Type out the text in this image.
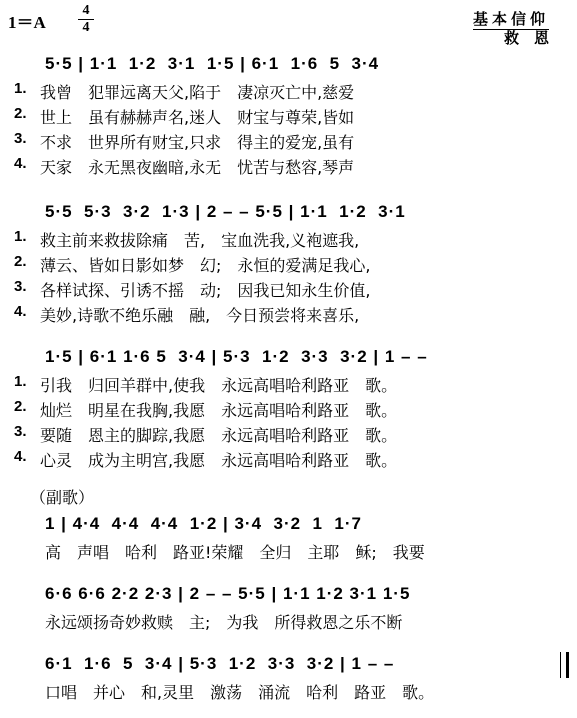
1＝A
4
4	基本信仰
救　恩
5·5 | 1·1  1·2  3·1  1·5 | 6·1  1·6  5  3·4
1. 我曾　犯罪远离天父,陷于　凄凉灭亡中,慈爱
2. 世上　虽有赫赫声名,迷人　财宝与尊荣,皆如
3. 不求　世界所有财宝,只求　得主的爱宠,虽有
4. 天家　永无黑夜幽暗,永无　忧苦与愁容,琴声
5·5  5·3  3·2  1·3 | 2 – – 5·5 | 1·1  1·2  3·1
1. 救主前来救拔除痛　苦,　宝血洗我,义袍遮我,
2. 薄云、皆如日影如梦　幻;　永恒的爱满足我心,
3. 各样试探、引诱不摇　动;　因我已知永生价值,
4. 美妙,诗歌不绝乐融　融,　今日预尝将来喜乐,
1·5 | 6·1 1·6 5  3·4 | 5·3  1·2  3·3  3·2 | 1 – –
1. 引我　归回羊群中,使我　永远高唱哈利路亚　歌。
2. 灿烂　明星在我胸,我愿　永远高唱哈利路亚　歌。
3. 要随　恩主的脚踪,我愿　永远高唱哈利路亚　歌。
4. 心灵　成为主明宫,我愿　永远高唱哈利路亚　歌。
（副歌）
1 | 4·4  4·4  4·4  1·2 | 3·4  3·2  1  1·7
高　声唱　哈利　路亚!荣耀　全归　主耶　稣;　我要
6·6 6·6 2·2 2·3 | 2 – – 5·5 | 1·1 1·2 3·1 1·5
永远颂扬奇妙救赎　主;　为我　所得救恩之乐不断
6·1  1·6  5  3·4 | 5·3  1·2  3·3  3·2 | 1 – –
口唱　并心　和,灵里　激荡　涌流　哈利　路亚　歌。
